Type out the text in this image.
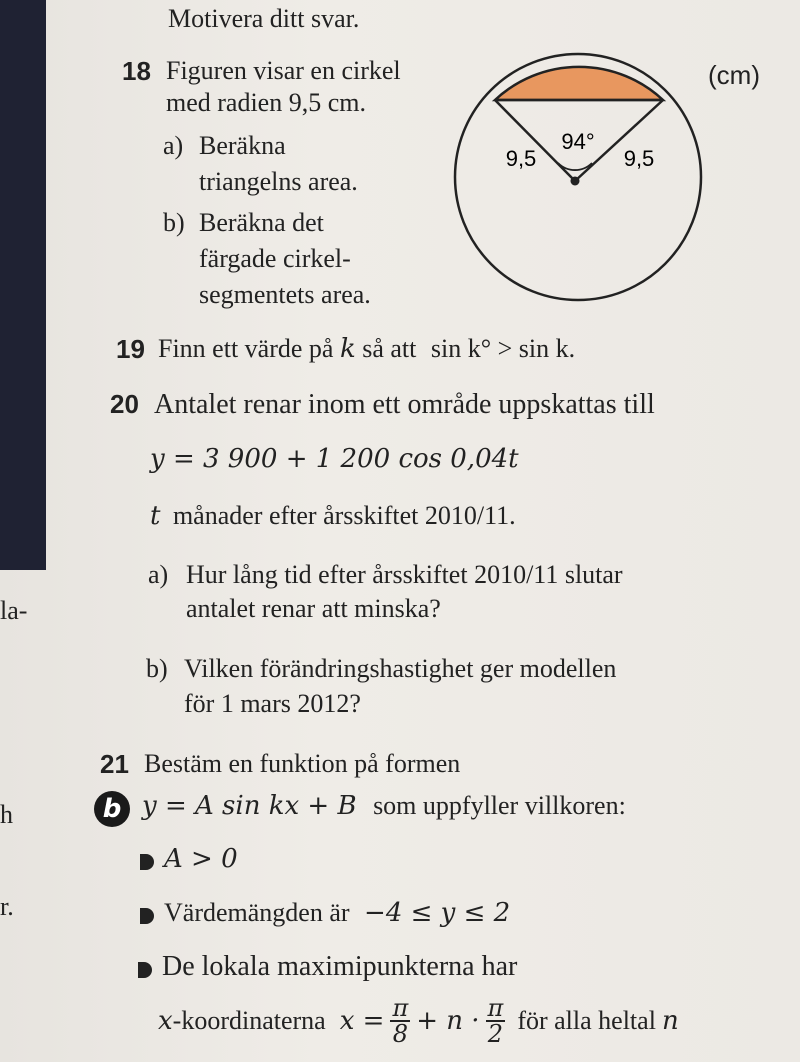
Motivera ditt svar.
la-
h
r.
18 Figuren visar en cirkel
med radien 9,5 cm.
a) Beräkna
triangelns area.
b) Beräkna det
färgade cirkel-
segmentets area.
(cm)
94°
9,5	9,5
19 Finn ett värde på k så att sin k° > sin k.
20 Antalet renar inom ett område uppskattas till
y = 3 900 + 1 200 cos 0,04t
t månader efter årsskiftet 2010/11.
a) Hur lång tid efter årsskiftet 2010/11 slutar
antalet renar att minska?
b) Vilken förändringshastighet ger modellen
för 1 mars 2012?
21 Bestäm en funktion på formen
b y = A sin kx + B som uppfyller villkoren:
A > 0
Värdemängden är −4 ≤ y ≤ 2
De lokala maximipunkterna har
x -koordinaterna $x = \frac{\pi}{8} + n \cdot \frac{\pi}{2}$ för alla heltal n
